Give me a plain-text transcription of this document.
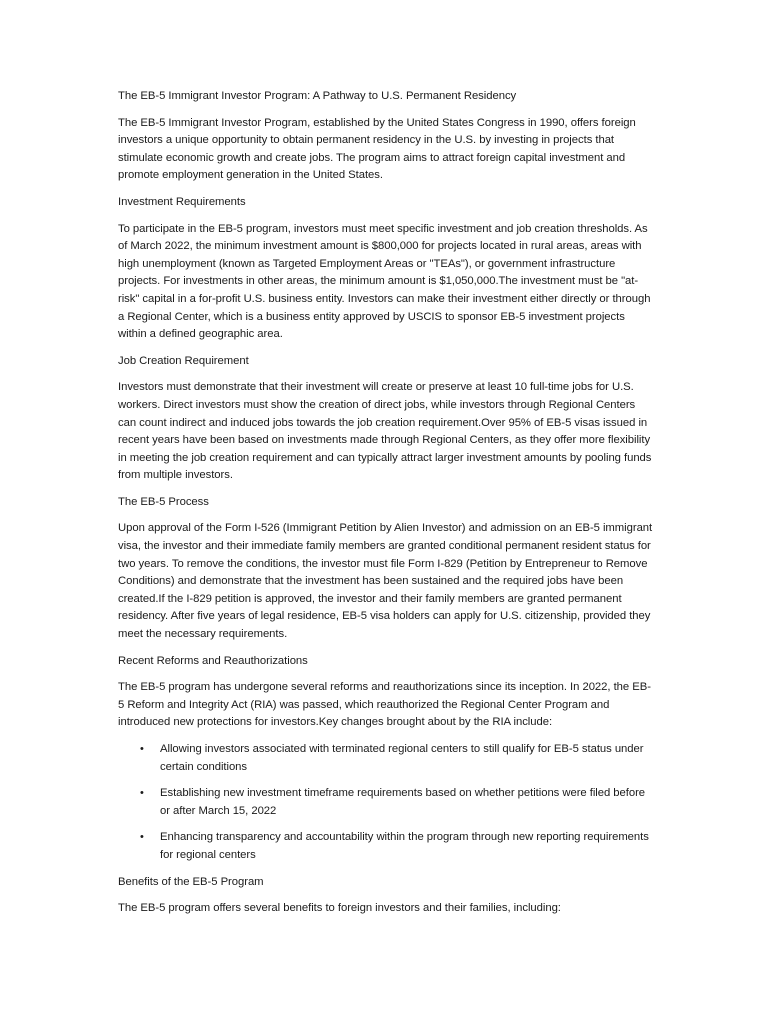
The EB-5 Immigrant Investor Program: A Pathway to U.S. Permanent Residency

The EB-5 Immigrant Investor Program, established by the United States Congress in 1990, offers foreign investors a unique opportunity to obtain permanent residency in the U.S. by investing in projects that stimulate economic growth and create jobs. The program aims to attract foreign capital investment and promote employment generation in the United States.

Investment Requirements

To participate in the EB-5 program, investors must meet specific investment and job creation thresholds. As of March 2022, the minimum investment amount is $800,000 for projects located in rural areas, areas with high unemployment (known as Targeted Employment Areas or "TEAs"), or government infrastructure projects. For investments in other areas, the minimum amount is $1,050,000.The investment must be "at-risk" capital in a for-profit U.S. business entity. Investors can make their investment either directly or through a Regional Center, which is a business entity approved by USCIS to sponsor EB-5 investment projects within a defined geographic area.

Job Creation Requirement

Investors must demonstrate that their investment will create or preserve at least 10 full-time jobs for U.S. workers. Direct investors must show the creation of direct jobs, while investors through Regional Centers can count indirect and induced jobs towards the job creation requirement.Over 95% of EB-5 visas issued in recent years have been based on investments made through Regional Centers, as they offer more flexibility in meeting the job creation requirement and can typically attract larger investment amounts by pooling funds from multiple investors.

The EB-5 Process

Upon approval of the Form I-526 (Immigrant Petition by Alien Investor) and admission on an EB-5 immigrant visa, the investor and their immediate family members are granted conditional permanent resident status for two years. To remove the conditions, the investor must file Form I-829 (Petition by Entrepreneur to Remove Conditions) and demonstrate that the investment has been sustained and the required jobs have been created.If the I-829 petition is approved, the investor and their family members are granted permanent residency. After five years of legal residence, EB-5 visa holders can apply for U.S. citizenship, provided they meet the necessary requirements.

Recent Reforms and Reauthorizations

The EB-5 program has undergone several reforms and reauthorizations since its inception. In 2022, the EB-5 Reform and Integrity Act (RIA) was passed, which reauthorized the Regional Center Program and introduced new protections for investors.Key changes brought about by the RIA include:

• Allowing investors associated with terminated regional centers to still qualify for EB-5 status under certain conditions
• Establishing new investment timeframe requirements based on whether petitions were filed before or after March 15, 2022
• Enhancing transparency and accountability within the program through new reporting requirements for regional centers

Benefits of the EB-5 Program

The EB-5 program offers several benefits to foreign investors and their families, including:
